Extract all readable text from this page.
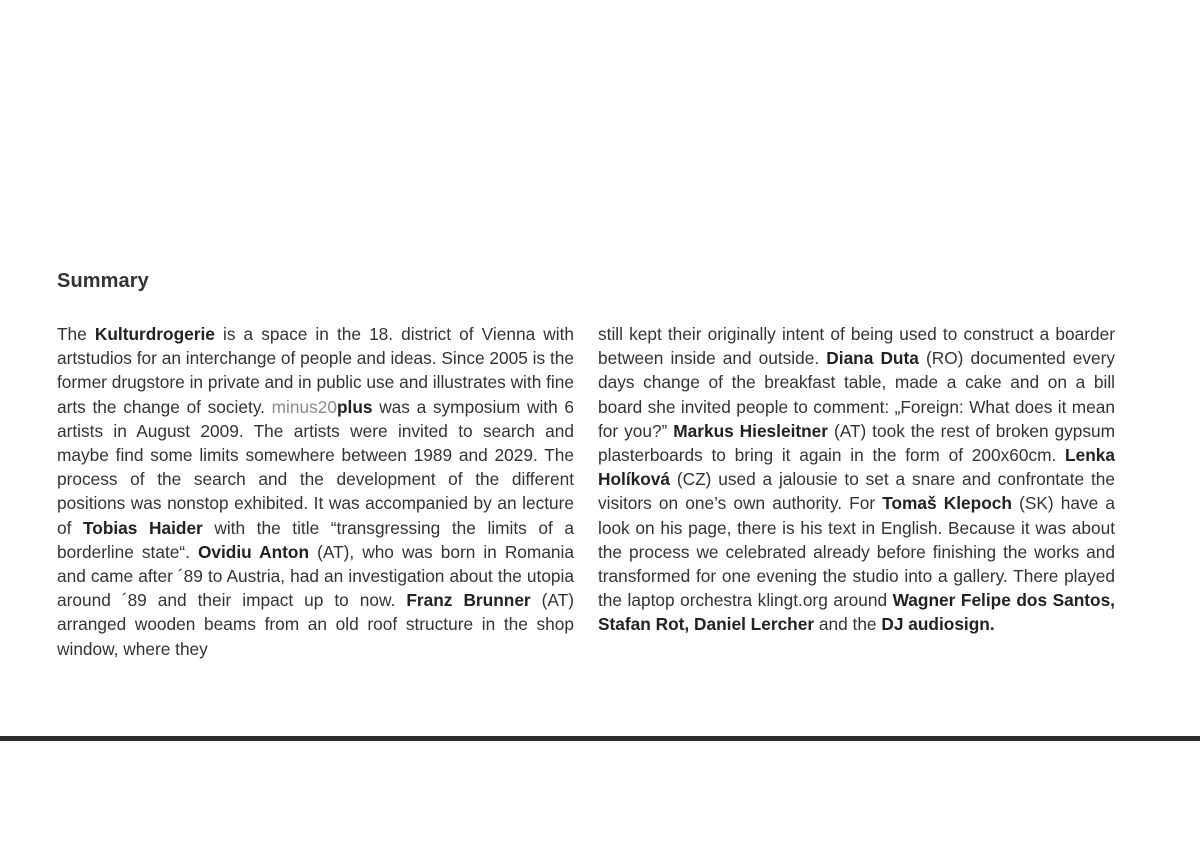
Summary

The Kulturdrogerie is a space in the 18. district of Vienna with artstudios for an interchange of people and ideas. Since 2005 is the former drugstore in private and in public use and illustrates with fine arts the change of society. minus20plus was a symposium with 6 artists in August 2009. The artists were invited to search and maybe find some limits somewhere between 1989 and 2029. The process of the search and the development of the different positions was nonstop exhibited. It was accompanied by an lecture of Tobias Haider with the title “transgressing the limits of a borderline state“. Ovidiu Anton (AT), who was born in Romania and came after ´89 to Austria, had an investigation about the utopia around ´89 and their impact up to now. Franz Brunner (AT) arranged wooden beams from an old roof structure in the shop window, where they

still kept their originally intent of being used to construct a boarder between inside and outside. Diana Duta (RO) documented every days change of the breakfast table, made a cake and on a bill board she invited people to comment: „Foreign: What does it mean for you?” Markus Hiesleitner (AT) took the rest of broken gypsum plasterboards to bring it again in the form of 200x60cm. Lenka Holíková (CZ) used a jalousie to set a snare and confrontate the visitors on one’s own authority. For Tomaš Klepoch (SK) have a look on his page, there is his text in English. Because it was about the process we celebrated already before finishing the works and transformed for one evening the studio into a gallery. There played the laptop orchestra klingt.org around Wagner Felipe dos Santos, Stafan Rot, Daniel Lercher and the DJ audiosign.
